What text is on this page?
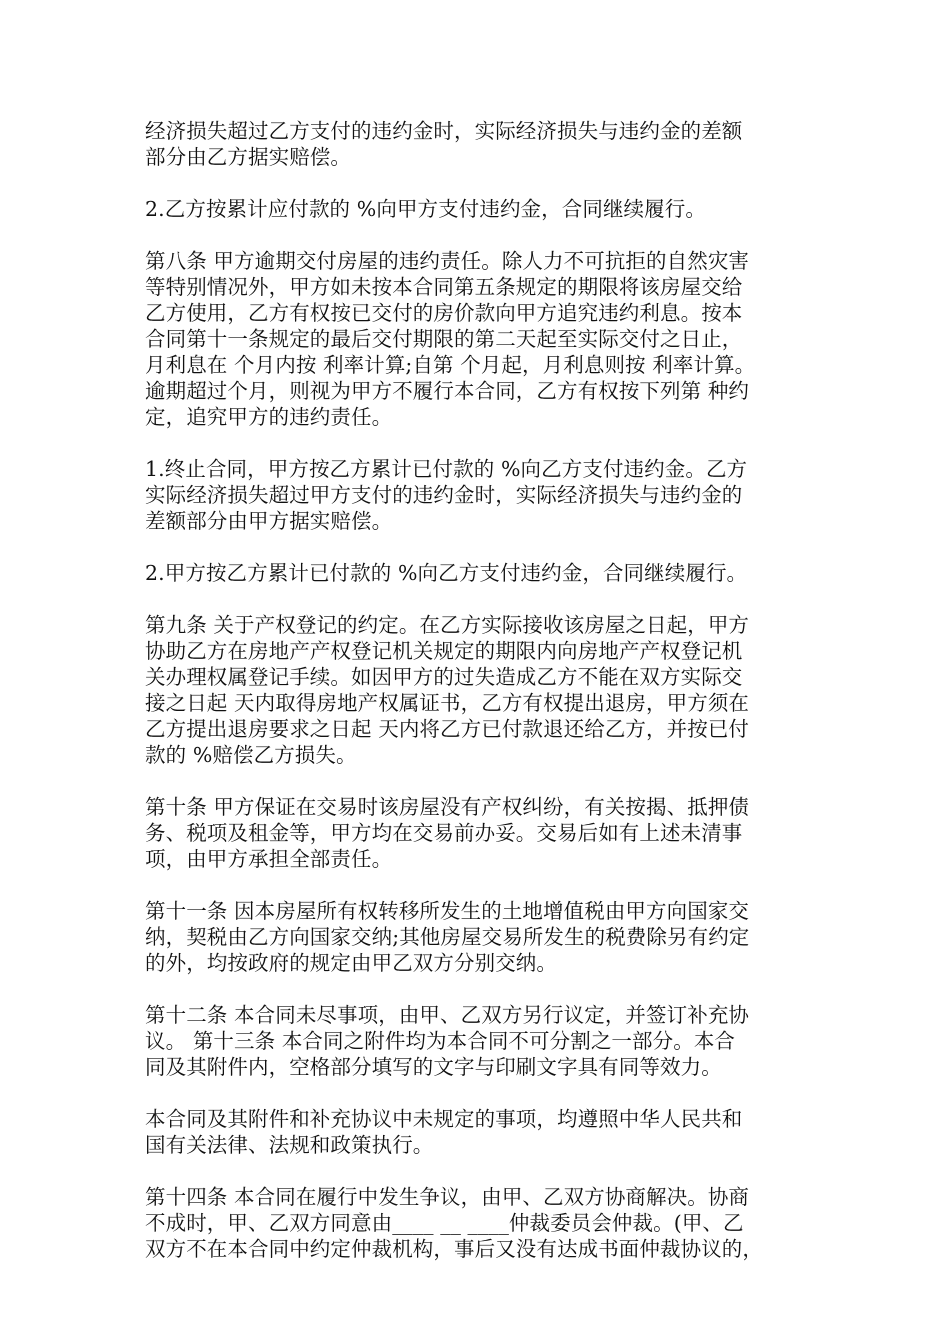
经济损失超过乙方支付的违约金时，实际经济损失与违约金的差额
部分由乙方据实赔偿。
2.乙方按累计应付款的 %向甲方支付违约金，合同继续履行。
第八条 甲方逾期交付房屋的违约责任。除人力不可抗拒的自然灾害
等特别情况外，甲方如未按本合同第五条规定的期限将该房屋交给
乙方使用，乙方有权按已交付的房价款向甲方追究违约利息。按本
合同第十一条规定的最后交付期限的第二天起至实际交付之日止，
月利息在 个月内按 利率计算;自第 个月起，月利息则按 利率计算。
逾期超过个月，则视为甲方不履行本合同，乙方有权按下列第 种约
定，追究甲方的违约责任。
1.终止合同，甲方按乙方累计已付款的 %向乙方支付违约金。乙方
实际经济损失超过甲方支付的违约金时，实际经济损失与违约金的
差额部分由甲方据实赔偿。
2.甲方按乙方累计已付款的 %向乙方支付违约金，合同继续履行。
第九条 关于产权登记的约定。在乙方实际接收该房屋之日起，甲方
协助乙方在房地产产权登记机关规定的期限内向房地产产权登记机
关办理权属登记手续。如因甲方的过失造成乙方不能在双方实际交
接之日起 天内取得房地产权属证书，乙方有权提出退房，甲方须在
乙方提出退房要求之日起 天内将乙方已付款退还给乙方，并按已付
款的 %赔偿乙方损失。
第十条 甲方保证在交易时该房屋没有产权纠纷，有关按揭、抵押债
务、税项及租金等，甲方均在交易前办妥。交易后如有上述未清事
项，由甲方承担全部责任。
第十一条 因本房屋所有权转移所发生的土地增值税由甲方向国家交
纳，契税由乙方向国家交纳;其他房屋交易所发生的税费除另有约定
的外，均按政府的规定由甲乙双方分别交纳。
第十二条 本合同未尽事项，由甲、乙双方另行议定，并签订补充协
议。 第十三条 本合同之附件均为本合同不可分割之一部分。本合
同及其附件内，空格部分填写的文字与印刷文字具有同等效力。
本合同及其附件和补充协议中未规定的事项，均遵照中华人民共和
国有关法律、法规和政策执行。
第十四条 本合同在履行中发生争议，由甲、乙双方协商解决。协商
不成时，甲、乙双方同意由____ __ ____仲裁委员会仲裁。(甲、乙
双方不在本合同中约定仲裁机构，事后又没有达成书面仲裁协议的，
